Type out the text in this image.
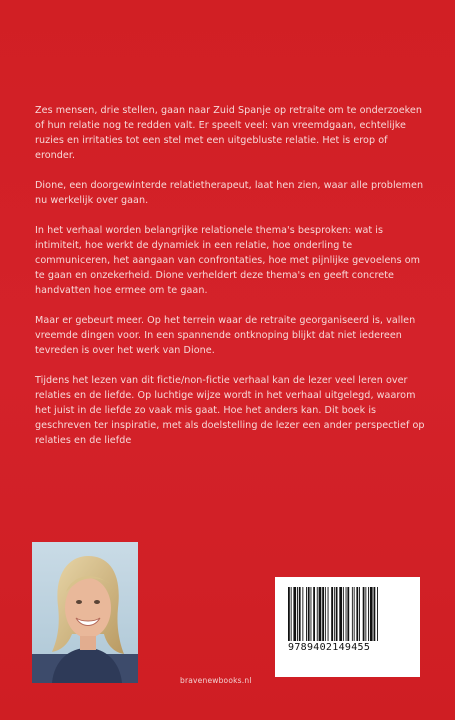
Zes mensen, drie stellen, gaan naar Zuid Spanje op retraite om te onderzoeken of hun relatie nog te redden valt. Er speelt veel: van vreemdgaan, echtelijke ruzies en irritaties tot een stel met een uitgebluste relatie. Het is erop of eronder.

Dione, een doorgewinterde relatietherapeut, laat hen zien, waar alle problemen nu werkelijk over gaan.

In het verhaal worden belangrijke relationele thema's besproken: wat is intimiteit, hoe werkt de dynamiek in een relatie, hoe onderling te communiceren, het aangaan van confrontaties, hoe met pijnlijke gevoelens om te gaan en onzekerheid. Dione verheldert deze thema's en geeft concrete handvatten hoe ermee om te gaan.

Maar er gebeurt meer. Op het terrein waar de retraite georganiseerd is, vallen vreemde dingen voor. In een spannende ontknoping blijkt dat niet iedereen tevreden is over het werk van Dione.

Tijdens het lezen van dit fictie/non-fictie verhaal kan de lezer veel leren over relaties en de liefde. Op luchtige wijze wordt in het verhaal uitgelegd, waarom het juist in de liefde zo vaak mis gaat. Hoe het anders kan. Dit boek is geschreven ter inspiratie, met als doelstelling de lezer een ander perspectief op relaties en de liefde

bravenewbooks.nl
9789402149455
